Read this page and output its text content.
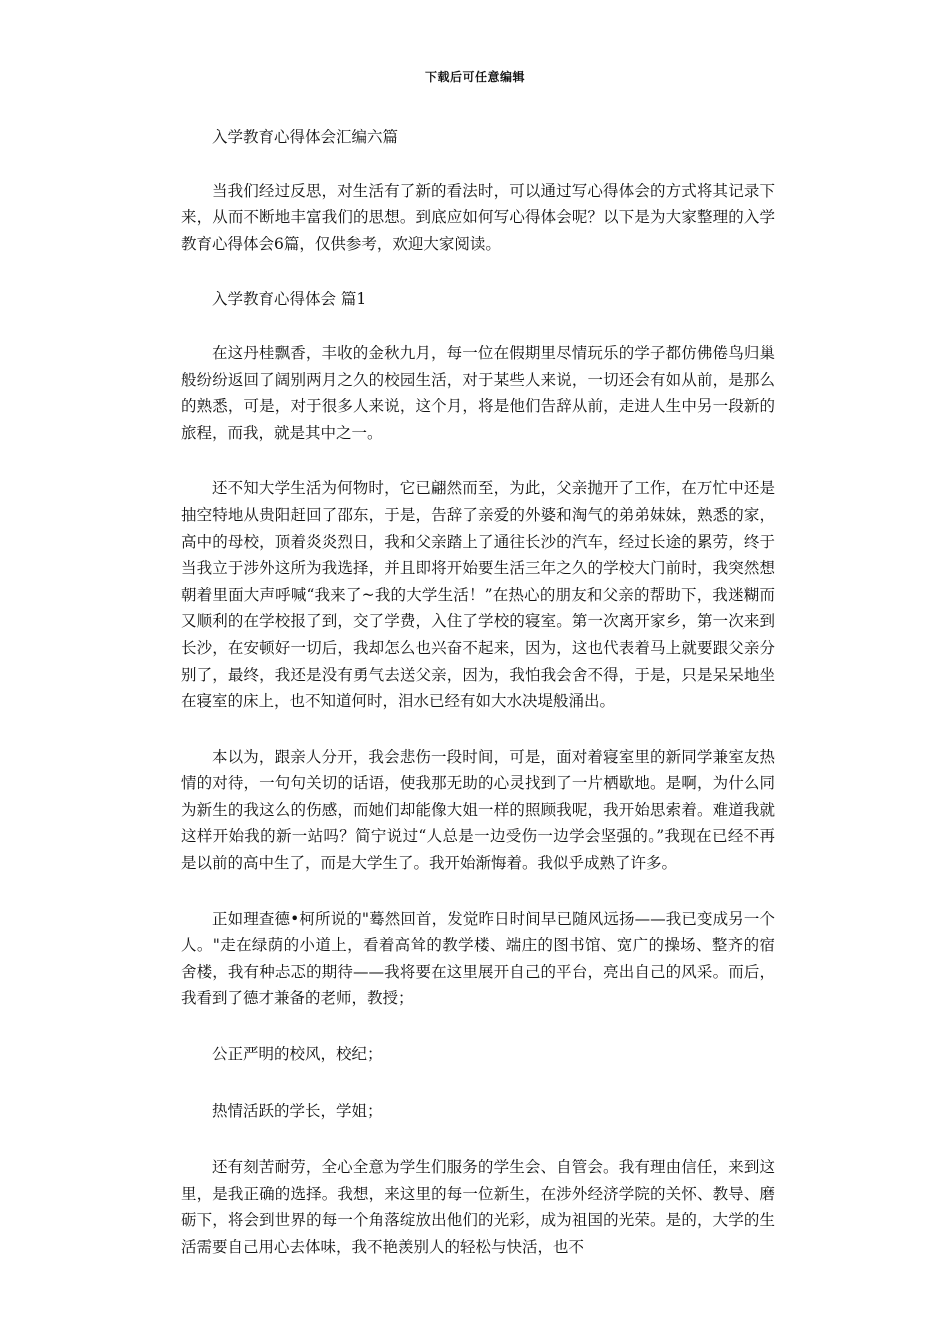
下载后可任意编辑

入学教育心得体会汇编六篇

当我们经过反思，对生活有了新的看法时，可以通过写心得体会的方式将其记录下来，从而不断地丰富我们的思想。到底应如何写心得体会呢？以下是为大家整理的入学教育心得体会6篇，仅供参考，欢迎大家阅读。

入学教育心得体会 篇1

在这丹桂飘香，丰收的金秋九月，每一位在假期里尽情玩乐的学子都仿佛倦鸟归巢般纷纷返回了阔别两月之久的校园生活，对于某些人来说，一切还会有如从前，是那么的熟悉，可是，对于很多人来说，这个月，将是他们告辞从前，走进人生中另一段新的旅程，而我，就是其中之一。

还不知大学生活为何物时，它已翩然而至，为此，父亲抛开了工作，在万忙中还是抽空特地从贵阳赶回了邵东，于是，告辞了亲爱的外婆和淘气的弟弟妹妹，熟悉的家，高中的母校，顶着炎炎烈日，我和父亲踏上了通往长沙的汽车，经过长途的累劳，终于当我立于涉外这所为我选择，并且即将开始要生活三年之久的学校大门前时，我突然想朝着里面大声呼喊“我来了~我的大学生活！”在热心的朋友和父亲的帮助下，我迷糊而又顺利的在学校报了到，交了学费，入住了学校的寝室。第一次离开家乡，第一次来到长沙，在安顿好一切后，我却怎么也兴奋不起来，因为，这也代表着马上就要跟父亲分别了，最终，我还是没有勇气去送父亲，因为，我怕我会舍不得，于是，只是呆呆地坐在寝室的床上，也不知道何时，泪水已经有如大水决堤般涌出。

本以为，跟亲人分开，我会悲伤一段时间，可是，面对着寝室里的新同学兼室友热情的对待，一句句关切的话语，使我那无助的心灵找到了一片栖歇地。是啊，为什么同为新生的我这么的伤感，而她们却能像大姐一样的照顾我呢，我开始思索着。难道我就这样开始我的新一站吗？简宁说过“人总是一边受伤一边学会坚强的。”我现在已经不再是以前的高中生了，而是大学生了。我开始渐悔着。我似乎成熟了许多。

正如理查德•柯所说的"蓦然回首，发觉昨日时间早已随风远扬——我已变成另一个人。"走在绿荫的小道上，看着高耸的教学楼、端庄的图书馆、宽广的操场、整齐的宿舍楼，我有种忐忑的期待——我将要在这里展开自己的平台，亮出自己的风采。而后，我看到了德才兼备的老师，教授；

公正严明的校风，校纪；

热情活跃的学长，学姐；

还有刻苦耐劳，全心全意为学生们服务的学生会、自管会。我有理由信任，来到这里，是我正确的选择。我想，来这里的每一位新生，在涉外经济学院的关怀、教导、磨砺下，将会到世界的每一个角落绽放出他们的光彩，成为祖国的光荣。是的，大学的生活需要自己用心去体味，我不艳羡别人的轻松与快活，也不
